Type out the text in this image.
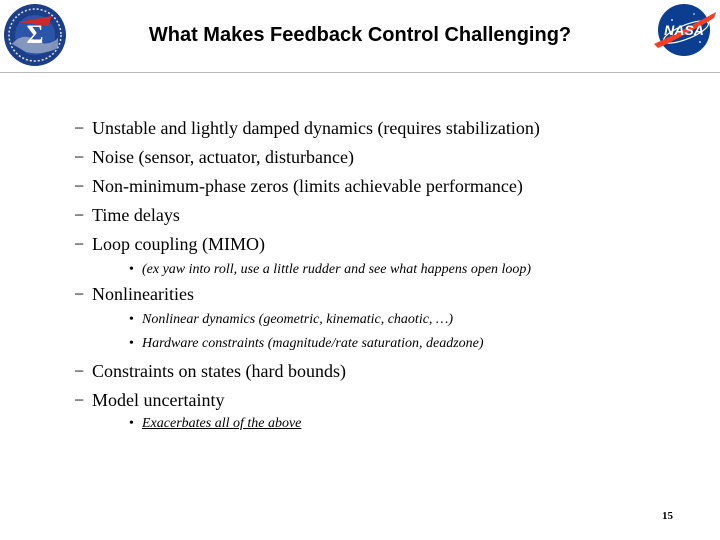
Σ	What Makes Feedback Control Challenging?	NASA
− Unstable and lightly damped dynamics (requires stabilization)
− Noise (sensor, actuator, disturbance)
− Non-minimum-phase zeros (limits achievable performance)
− Time delays
− Loop coupling (MIMO)
• (ex yaw into roll, use a little rudder and see what happens open loop)
− Nonlinearities
• Nonlinear dynamics (geometric, kinematic, chaotic, …)
• Hardware constraints (magnitude/rate saturation, deadzone)
− Constraints on states (hard bounds)
− Model uncertainty
• Exacerbates all of the above
15
